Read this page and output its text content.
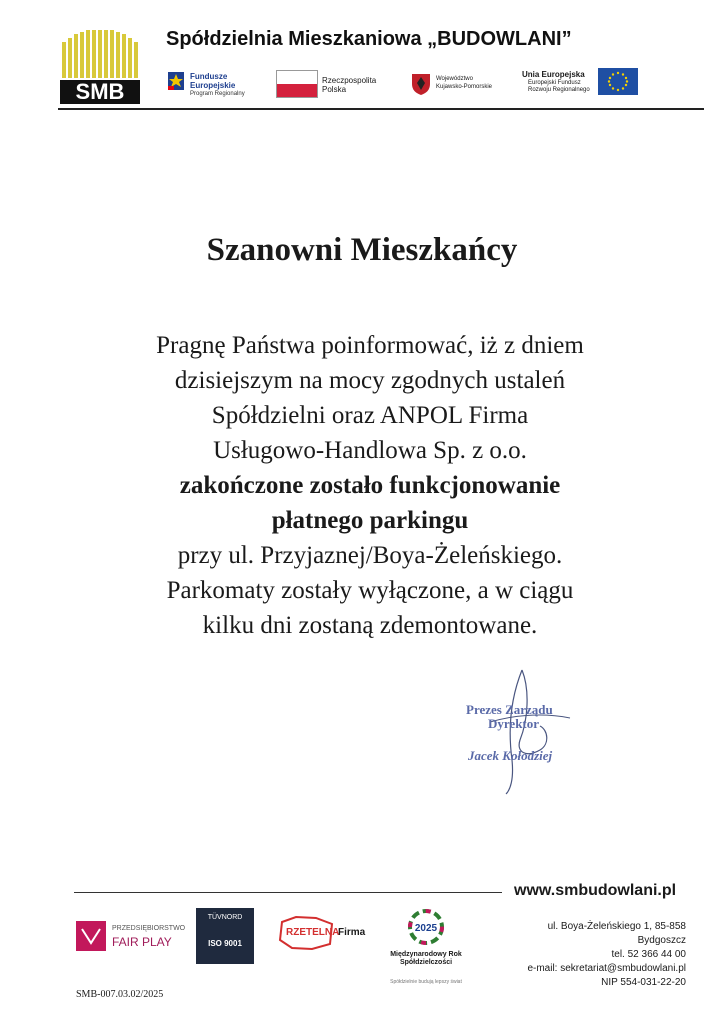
SMB
Spółdzielnia Mieszkaniowa „BUDOWLANI”
Fundusze
Europejskie
Program Regionalny
Rzeczpospolita
Polska
Województwo
Kujawsko-Pomorskie
Unia Europejska
Europejski Fundusz
Rozwoju Regionalnego
Szanowni Mieszkańcy
Pragnę Państwa poinformować, iż z dniem
dzisiejszym na mocy zgodnych ustaleń
Spółdzielni oraz ANPOL Firma
Usługowo-Handlowa Sp. z o.o.
zakończone zostało funkcjonowanie
płatnego parkingu
przy ul. Przyjaznej/Boya-Żeleńskiego.
Parkomaty zostały wyłączone, a w ciągu
kilku dni zostaną zdemontowane.
Prezes Zarządu
Dyrektor
Jacek Kołodziej
www.smbudowlani.pl
PRZEDSIĘBIORSTWO
FAIR PLAY
TÜVNORD
ISO 9001
RZETELNA
Firma	2025
Międzynarodowy Rok
Spółdzielczości
Spółdzielnie budują lepszy świat
ul. Boya-Żeleńskiego 1, 85-858 Bydgoszcz
tel. 52 366 44 00
e-mail: sekretariat@smbudowlani.pl
NIP 554-031-22-20
SMB-007.03.02/2025
